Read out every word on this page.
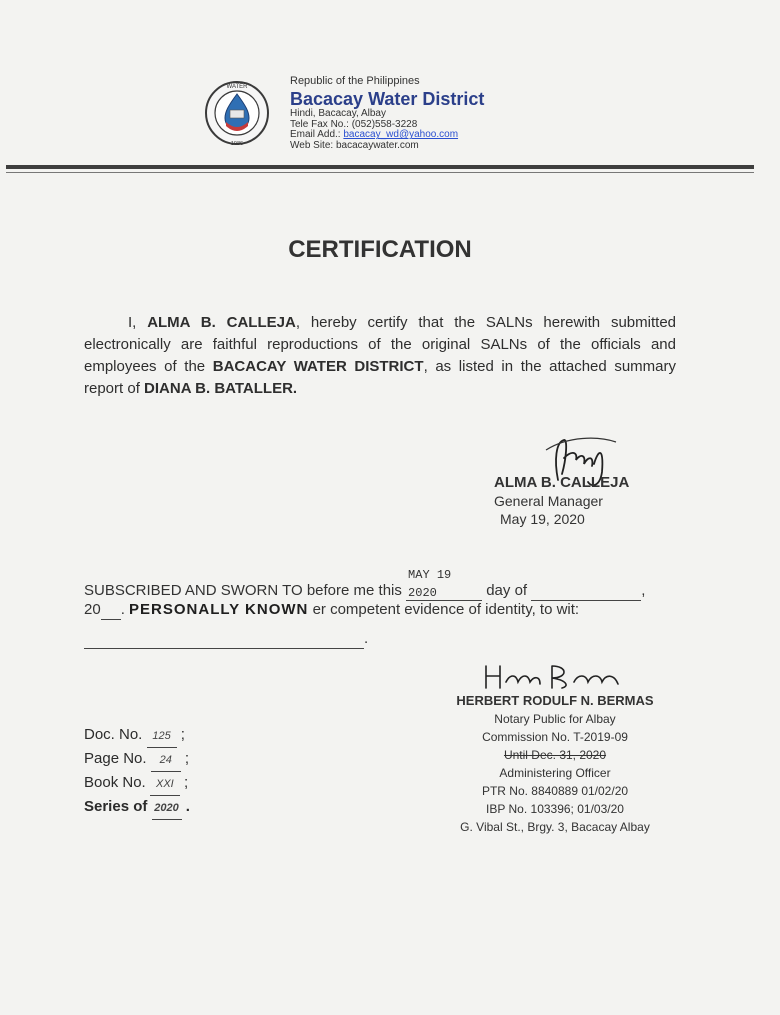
WATER
1986
Republic of the Philippines
Bacacay Water District
Hindi, Bacacay, Albay
Tele Fax No.: (052)558-3228
Email Add.: bacacay_wd@yahoo.com
Web Site: bacacaywater.com
CERTIFICATION
I, ALMA B. CALLEJA, hereby certify that the SALNs herewith submitted electronically are faithful reproductions of the original SALNs of the officials and employees of the BACACAY WATER DISTRICT, as listed in the attached summary report of DIANA B. BATALLER.
ALMA B. CALLEJA
General Manager
May 19, 2020
SUBSCRIBED AND SWORN TO before me this
MAY 19 2020	day of	,
20 . PERSONALLY KNOWN er competent evidence of identity, to wit:
.
HERBERT RODULF N. BERMAS
Notary Public for Albay
Commission No. T-2019-09
Until Dec. 31, 2020
Administering Officer
PTR No. 8840889 01/02/20
IBP No. 103396; 01/03/20
G. Vibal St., Brgy. 3, Bacacay Albay
Doc. No. 125 ;
Page No. 24 ;
Book No. XXI ;
Series of 2020 .
